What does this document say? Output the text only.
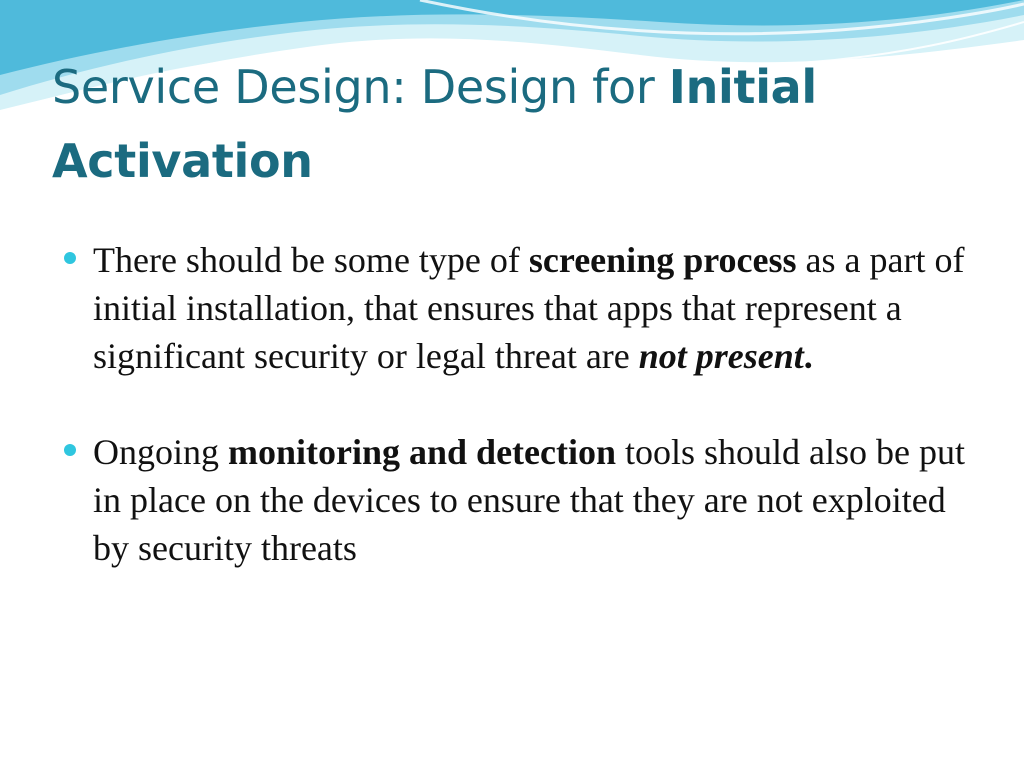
Service Design: Design for Initial
Activation
There should be some type of screening process as a part of initial installation, that ensures that apps that represent a significant security or legal threat are not present.
Ongoing monitoring and detection tools should also be put in place on the devices to ensure that they are not exploited by security threats
